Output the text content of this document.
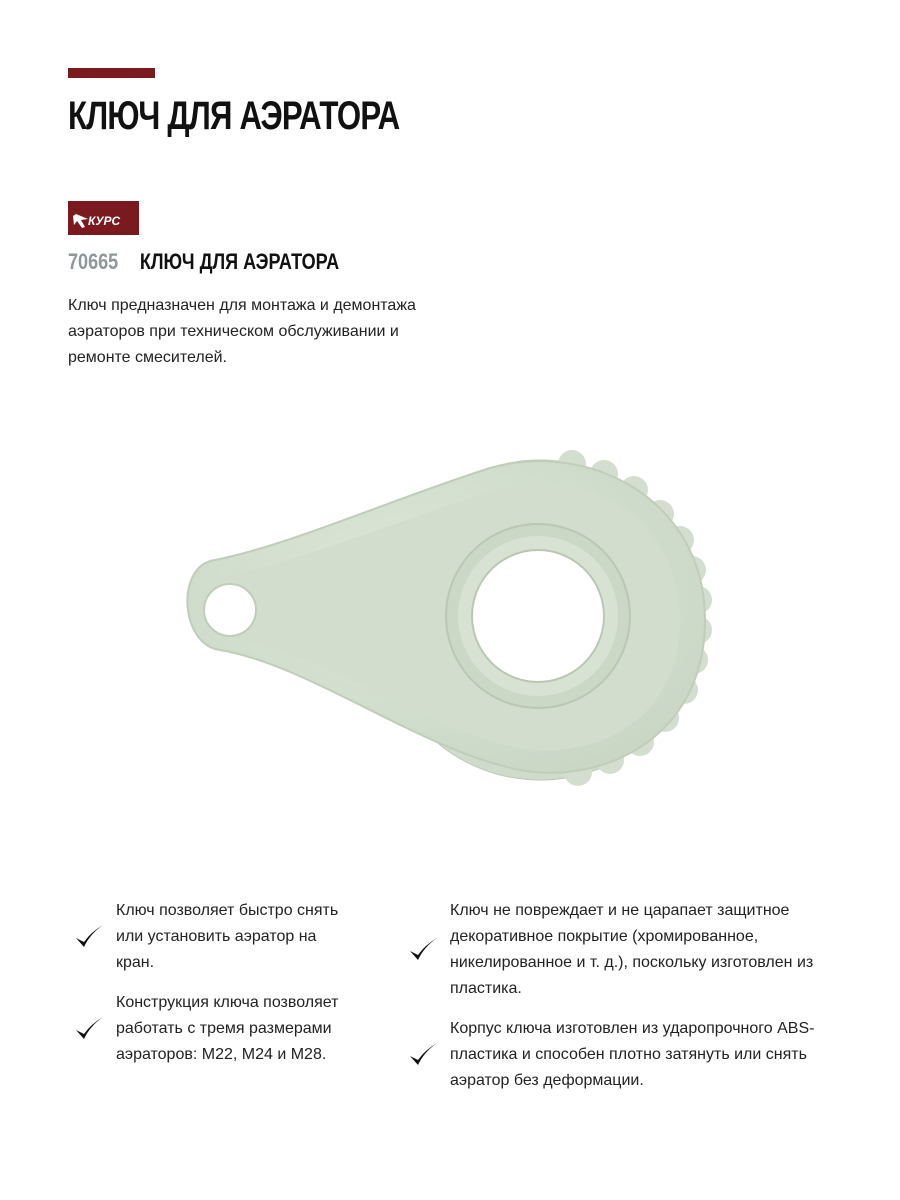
КЛЮЧ ДЛЯ АЭРАТОРА
КУРС
70665 КЛЮЧ ДЛЯ АЭРАТОРА

Ключ предназначен для монтажа и демонтажа аэраторов при техническом обслуживании и ремонте смесителей.

Ключ позволяет быстро снять или установить аэратор на кран.

Конструкция ключа позволяет работать с тремя размерами аэраторов: М22, М24 и М28.

Ключ не повреждает и не царапает защитное декоративное покрытие (хромированное, никелированное и т. д.), поскольку изготовлен из пластика.

Корпус ключа изготовлен из ударопрочного ABS-пластика и способен плотно затянуть или снять аэратор без деформации.
